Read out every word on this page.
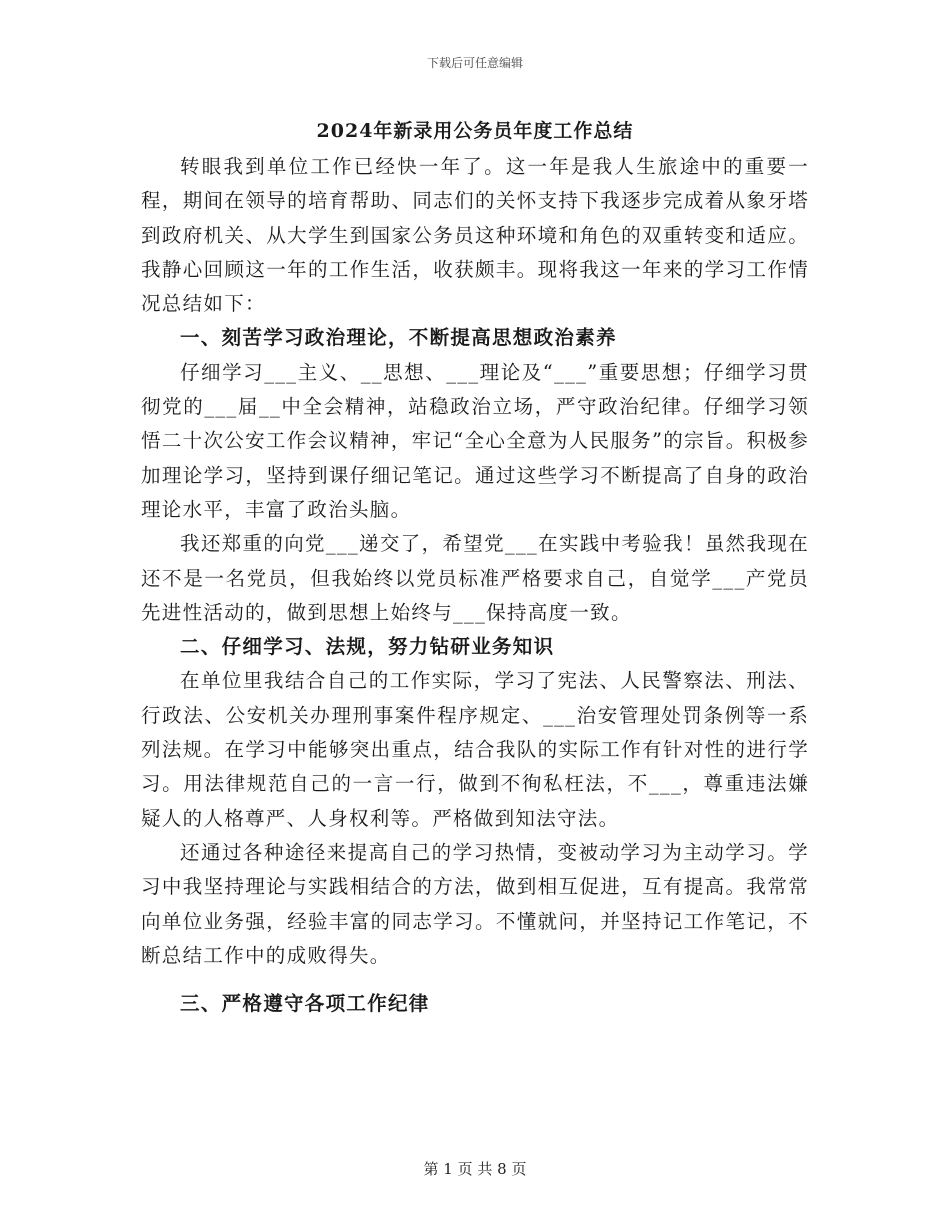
下载后可任意编辑
2024年新录用公务员年度工作总结

转眼我到单位工作已经快一年了。这一年是我人生旅途中的重要一程，期间在领导的培育帮助、同志们的关怀支持下我逐步完成着从象牙塔到政府机关、从大学生到国家公务员这种环境和角色的双重转变和适应。我静心回顾这一年的工作生活，收获颇丰。现将我这一年来的学习工作情况总结如下：

一、刻苦学习政治理论，不断提高思想政治素养

仔细学习___主义、__思想、___理论及“___”重要思想；仔细学习贯彻党的___届__中全会精神，站稳政治立场，严守政治纪律。仔细学习领悟二十次公安工作会议精神，牢记“全心全意为人民服务”的宗旨。积极参加理论学习，坚持到课仔细记笔记。通过这些学习不断提高了自身的政治理论水平，丰富了政治头脑。

我还郑重的向党___递交了，希望党___在实践中考验我！虽然我现在还不是一名党员，但我始终以党员标准严格要求自己，自觉学___产党员先进性活动的，做到思想上始终与___保持高度一致。

二、仔细学习、法规，努力钻研业务知识

在单位里我结合自己的工作实际，学习了宪法、人民警察法、刑法、行政法、公安机关办理刑事案件程序规定、___治安管理处罚条例等一系列法规。在学习中能够突出重点，结合我队的实际工作有针对性的进行学习。用法律规范自己的一言一行，做到不徇私枉法，不___，尊重违法嫌疑人的人格尊严、人身权利等。严格做到知法守法。

还通过各种途径来提高自己的学习热情，变被动学习为主动学习。学习中我坚持理论与实践相结合的方法，做到相互促进，互有提高。我常常向单位业务强，经验丰富的同志学习。不懂就问，并坚持记工作笔记，不断总结工作中的成败得失。

三、严格遵守各项工作纪律

第 1 页 共 8 页
